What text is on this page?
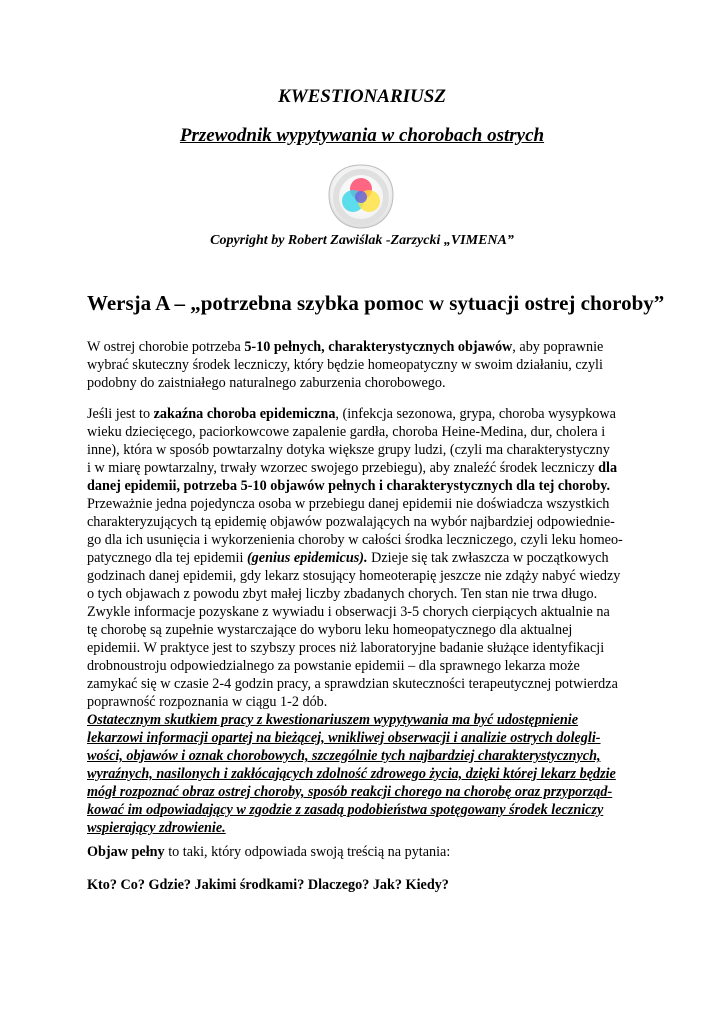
KWESTIONARIUSZ
Przewodnik wypytywania w chorobach ostrych
Copyright by Robert Zawiślak -Zarzycki „VIMENA”
Wersja A – „potrzebna szybka pomoc w sytuacji ostrej choroby”
W ostrej chorobie potrzeba 5-10 pełnych, charakterystycznych objawów, aby poprawnie
wybrać skuteczny środek leczniczy, który będzie homeopatyczny w swoim działaniu, czyli
podobny do zaistniałego naturalnego zaburzenia chorobowego.
Jeśli jest to zakaźna choroba epidemiczna, (infekcja sezonowa, grypa, choroba wysypkowa
wieku dziecięcego, paciorkowcowe zapalenie gardła, choroba Heine-Medina, dur, cholera i
inne), która w sposób powtarzalny dotyka większe grupy ludzi, (czyli ma charakterystyczny
i w miarę powtarzalny, trwały wzorzec swojego przebiegu), aby znaleźć środek leczniczy dla
danej epidemii, potrzeba 5-10 objawów pełnych i charakterystycznych dla tej choroby.
Przeważnie jedna pojedyncza osoba w przebiegu danej epidemii nie doświadcza wszystkich
charakteryzujących tą epidemię objawów pozwalających na wybór najbardziej odpowiednie-
go dla ich usunięcia i wykorzenienia choroby w całości środka leczniczego, czyli leku homeo-
patycznego dla tej epidemii (genius epidemicus). Dzieje się tak zwłaszcza w początkowych
godzinach danej epidemii, gdy lekarz stosujący homeoterapię jeszcze nie zdąży nabyć wiedzy
o tych objawach z powodu zbyt małej liczby zbadanych chorych. Ten stan nie trwa długo.
Zwykle informacje pozyskane z wywiadu i obserwacji 3-5 chorych cierpiących aktualnie na
tę chorobę są zupełnie wystarczające do wyboru leku homeopatycznego dla aktualnej
epidemii. W praktyce jest to szybszy proces niż laboratoryjne badanie służące identyfikacji
drobnoustroju odpowiedzialnego za powstanie epidemii – dla sprawnego lekarza może
zamykać się w czasie 2-4 godzin pracy, a sprawdzian skuteczności terapeutycznej potwierdza
poprawność rozpoznania w ciągu 1-2 dób.
Ostatecznym skutkiem pracy z kwestionariuszem wypytywania ma być udostępnienie
lekarzowi informacji opartej na bieżącej, wnikliwej obserwacji i analizie ostrych dolegli-
wości, objawów i oznak chorobowych, szczególnie tych najbardziej charakterystycznych,
wyraźnych, nasilonych i zakłócających zdolność zdrowego życia, dzięki której lekarz będzie
mógł rozpoznać obraz ostrej choroby, sposób reakcji chorego na chorobę oraz przyporząd-
kować im odpowiadający w zgodzie z zasadą podobieństwa spotęgowany środek leczniczy
wspierający zdrowienie.
Objaw pełny to taki, który odpowiada swoją treścią na pytania:
Kto? Co? Gdzie? Jakimi środkami? Dlaczego? Jak? Kiedy?
